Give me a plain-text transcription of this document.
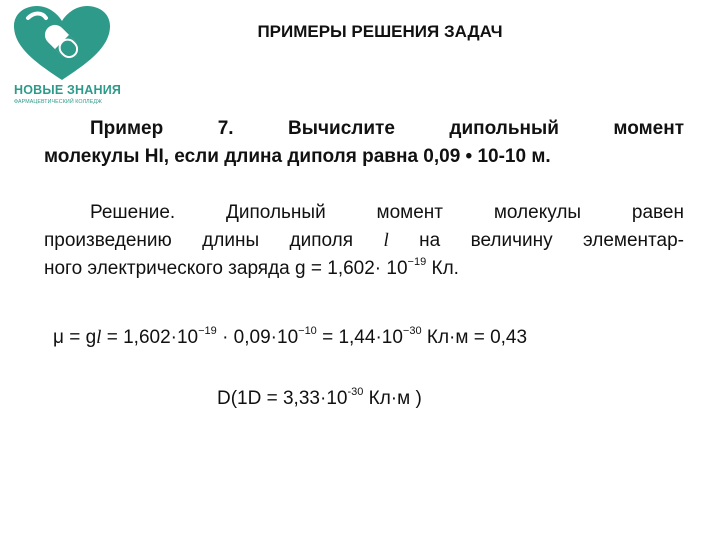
НОВЫЕ ЗНАНИЯ
ФАРМАЦЕВТИЧЕСКИЙ КОЛЛЕДЖ
ПРИМЕРЫ РЕШЕНИЯ ЗАДАЧ
Пример 7. Вычислите дипольный момент
молекулы HI, если длина диполя равна 0,09 • 10-10 м.
Решение. Дипольный момент молекулы равен
произведению длины диполя l на величину элементар-
ного электрического заряда $g = 1,602\cdot 10^{-19}$ Кл.
μ = gl = $1,602\cdot 10^{-19} \cdot 0,09\cdot 10^{-10} = 1,44\cdot 10^{-30}$ Кл·м = 0,43
$D(1D = 3,33\cdot 10^{-30}$ Кл·м )
